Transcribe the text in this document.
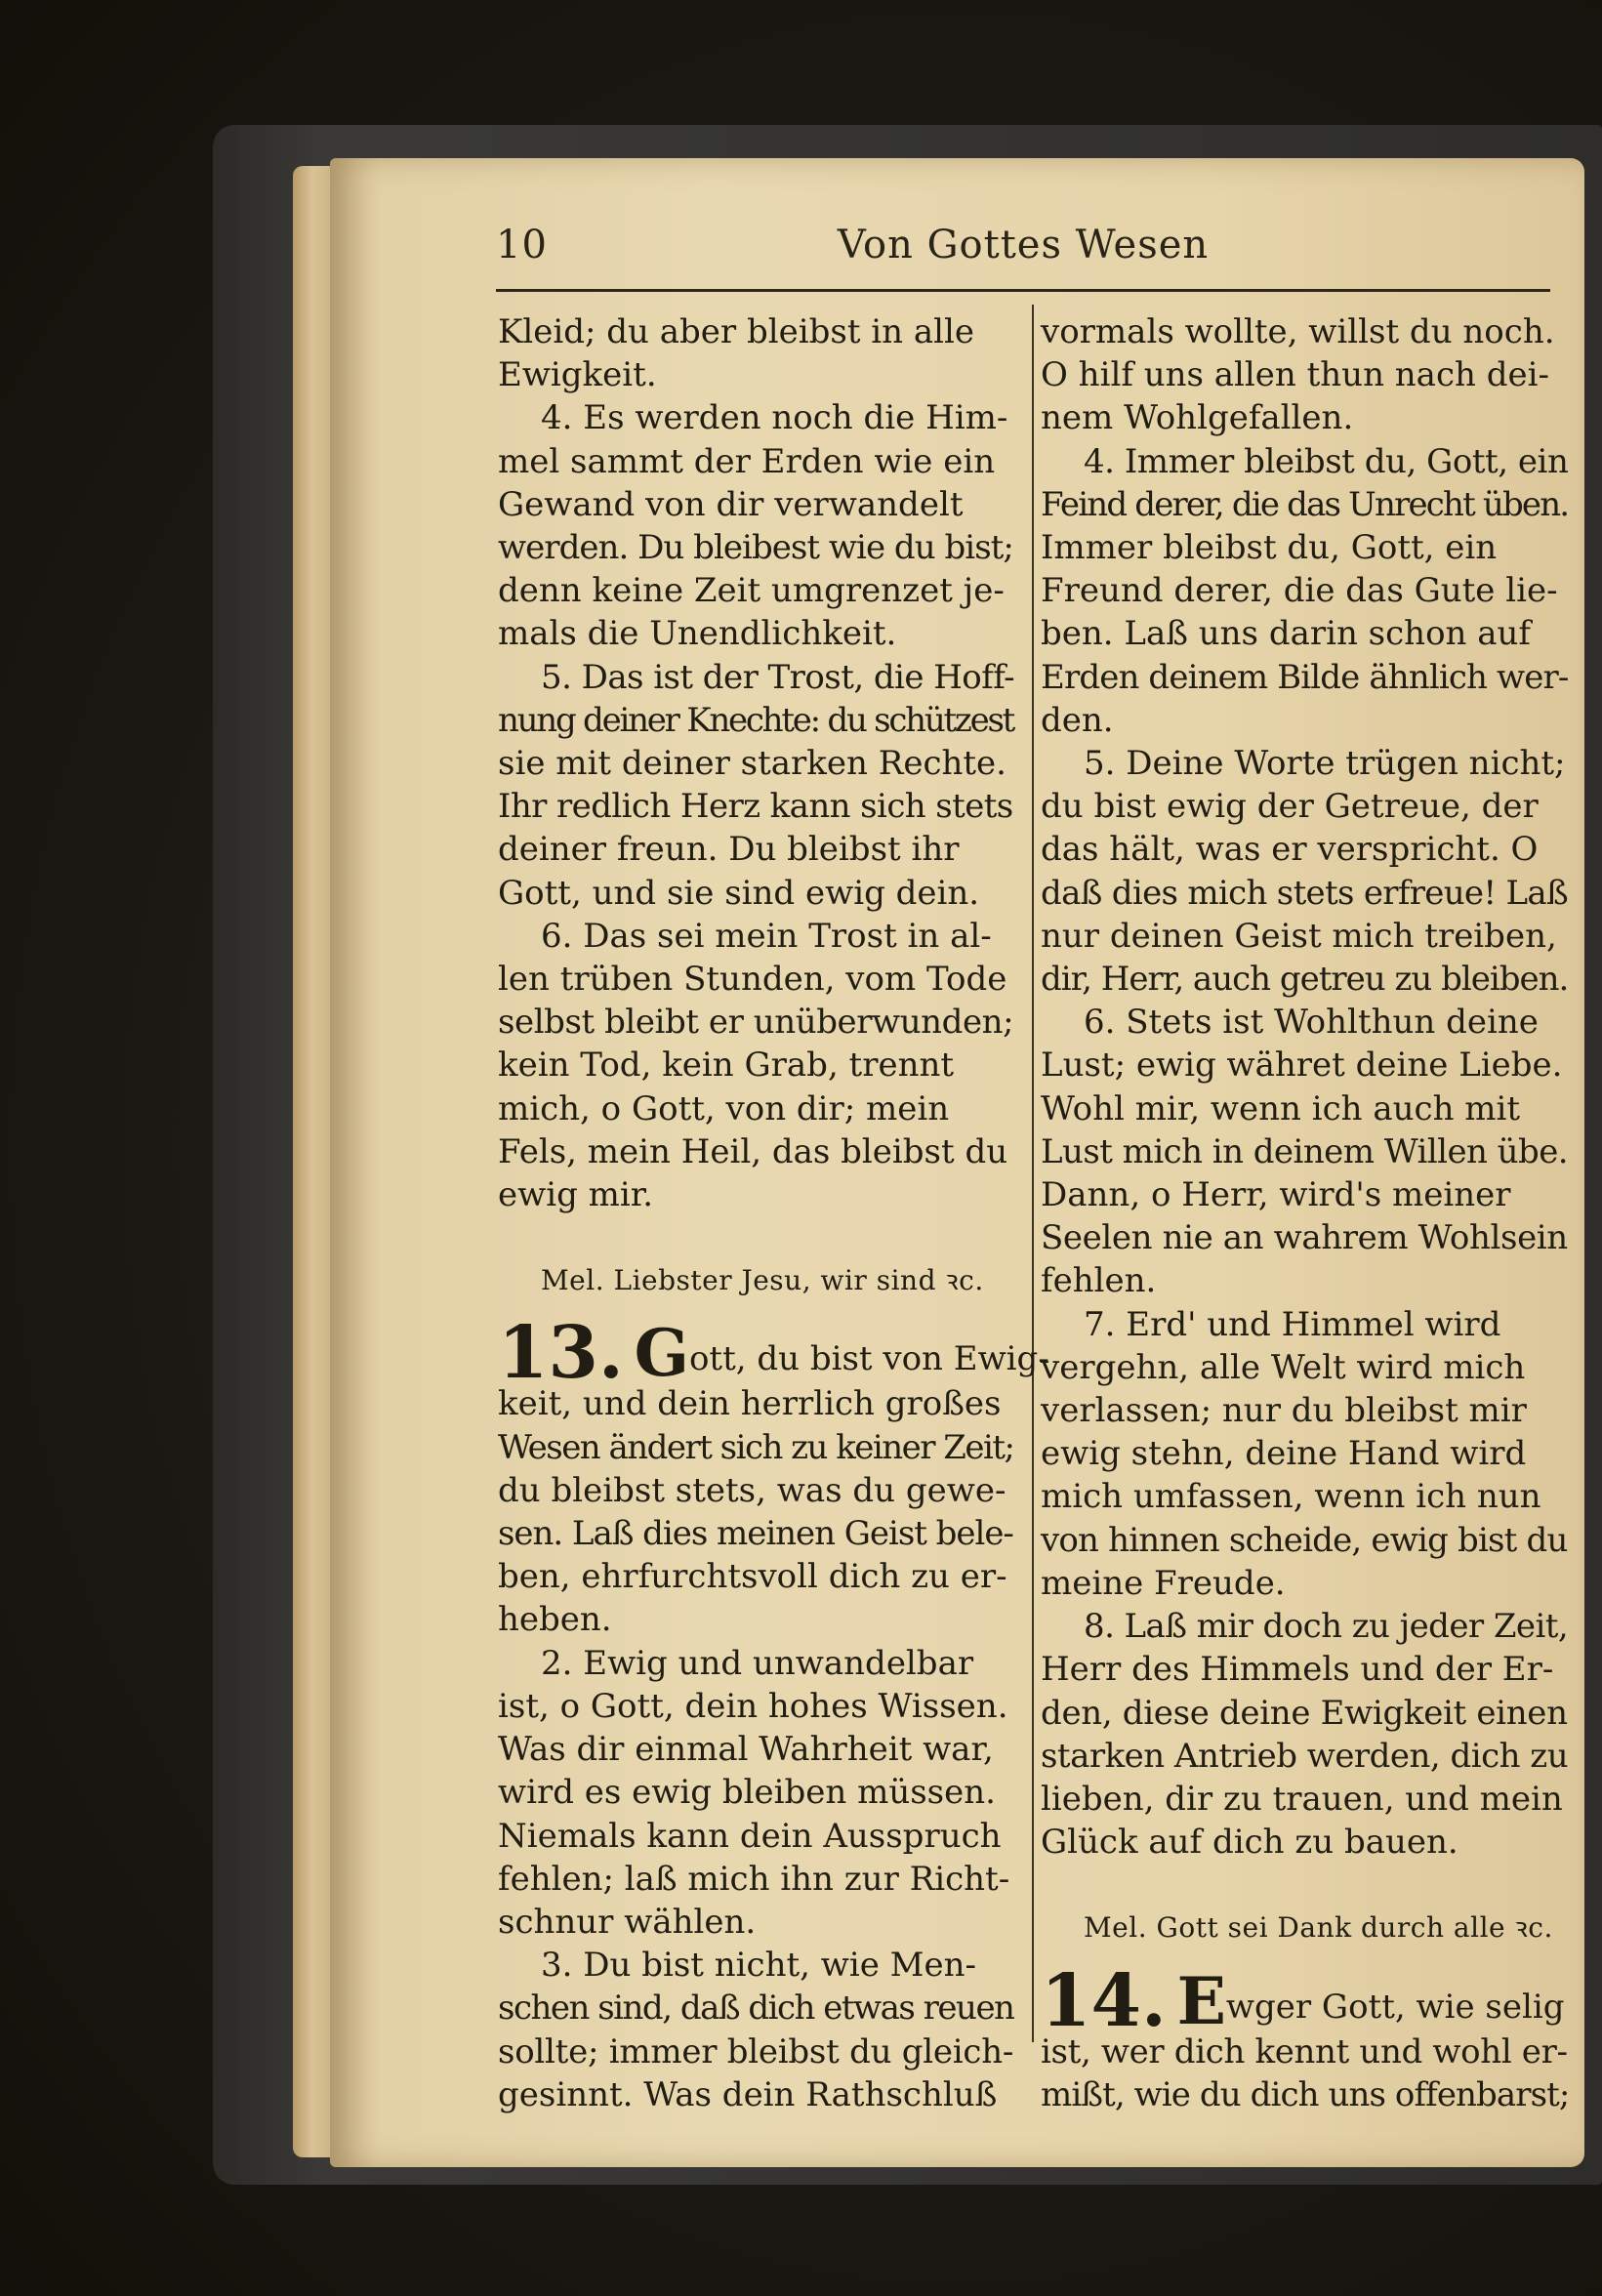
10	Von Gottes Wesen
Kleid; du aber bleibst in alle
Ewigkeit.
4. Es werden noch die Him-
mel sammt der Erden wie ein
Gewand von dir verwandelt
werden. Du bleibest wie du bist;
denn keine Zeit umgrenzet je-
mals die Unendlichkeit.
5. Das ist der Trost, die Hoff-
nung deiner Knechte: du schützest
sie mit deiner starken Rechte.
Ihr redlich Herz kann sich stets
deiner freun. Du bleibst ihr
Gott, und sie sind ewig dein.
6. Das sei mein Trost in al-
len trüben Stunden, vom Tode
selbst bleibt er unüberwunden;
kein Tod, kein Grab, trennt
mich, o Gott, von dir; mein
Fels, mein Heil, das bleibst du
ewig mir.
Mel. Liebster Jesu, wir sind ꝛc.
13. Gott, du bist von Ewig-
keit, und dein herrlich großes
Wesen ändert sich zu keiner Zeit;
du bleibst stets, was du gewe-
sen. Laß dies meinen Geist bele-
ben, ehrfurchtsvoll dich zu er-
heben.
2. Ewig und unwandelbar
ist, o Gott, dein hohes Wissen.
Was dir einmal Wahrheit war,
wird es ewig bleiben müssen.
Niemals kann dein Ausspruch
fehlen; laß mich ihn zur Richt-
schnur wählen.
3. Du bist nicht, wie Men-
schen sind, daß dich etwas reuen
sollte; immer bleibst du gleich-
gesinnt. Was dein Rathschluß
vormals wollte, willst du noch.
O hilf uns allen thun nach dei-
nem Wohlgefallen.
4. Immer bleibst du, Gott, ein
Feind derer, die das Unrecht üben.
Immer bleibst du, Gott, ein
Freund derer, die das Gute lie-
ben. Laß uns darin schon auf
Erden deinem Bilde ähnlich wer-
den.
5. Deine Worte trügen nicht;
du bist ewig der Getreue, der
das hält, was er verspricht. O
daß dies mich stets erfreue! Laß
nur deinen Geist mich treiben,
dir, Herr, auch getreu zu bleiben.
6. Stets ist Wohlthun deine
Lust; ewig währet deine Liebe.
Wohl mir, wenn ich auch mit
Lust mich in deinem Willen übe.
Dann, o Herr, wird's meiner
Seelen nie an wahrem Wohlsein
fehlen.
7. Erd' und Himmel wird
vergehn, alle Welt wird mich
verlassen; nur du bleibst mir
ewig stehn, deine Hand wird
mich umfassen, wenn ich nun
von hinnen scheide, ewig bist du
meine Freude.
8. Laß mir doch zu jeder Zeit,
Herr des Himmels und der Er-
den, diese deine Ewigkeit einen
starken Antrieb werden, dich zu
lieben, dir zu trauen, und mein
Glück auf dich zu bauen.
Mel. Gott sei Dank durch alle ꝛc.
14. Ewger Gott, wie selig
ist, wer dich kennt und wohl er-
mißt, wie du dich uns offenbarst;
